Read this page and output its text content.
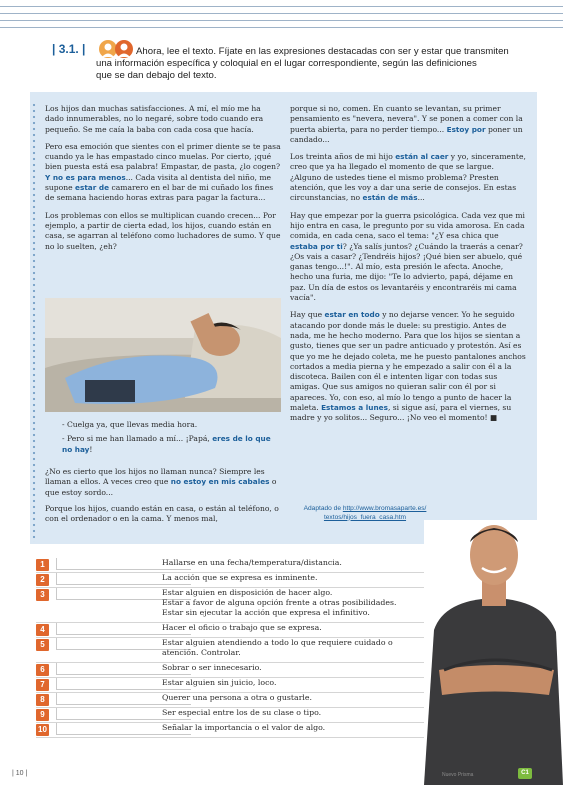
| 3.1. |	Ahora, lee el texto. Fíjate en las expresiones destacadas con ser y estar que transmiten
una información específica y coloquial en el lugar correspondiente, según las definiciones
que se dan debajo del texto.

Los hijos dan muchas satisfacciones. A mí, el mío me ha dado innumerables, no lo negaré, sobre todo cuando era pequeño. Se me caía la baba con cada cosa que hacía.

Pero esa emoción que sientes con el primer diente se te pasa cuando ya le has empastado cinco muelas. Por cierto, ¡qué bien puesta está esa palabra! Empastar, de pasta, ¿lo cogen? Y no es para menos... Cada visita al dentista del niño, me supone estar de camarero en el bar de mi cuñado los fines de semana haciendo horas extras para pagar la factura...

Los problemas con ellos se multiplican cuando crecen... Por ejemplo, a partir de cierta edad, los hijos, cuando están en casa, se agarran al teléfono como luchadores de sumo. Y que no lo suelten, ¿eh?

- Cuelga ya, que llevas media hora.

- Pero si me han llamado a mí... ¡Papá, eres de lo que no hay!

¿No es cierto que los hijos no llaman nunca? Siempre les llaman a ellos. A veces creo que no estoy en mis cabales o que estoy sordo...

Porque los hijos, cuando están en casa, o están al teléfono, o con el ordenador o en la cama. Y menos mal,

porque si no, comen. En cuanto se levantan, su primer pensamiento es "nevera, nevera". Y se ponen a comer con la puerta abierta, para no perder tiempo... Estoy por poner un candado...

Los treinta años de mi hijo están al caer y yo, sinceramente, creo que ya ha llegado el momento de que se largue. ¿Alguno de ustedes tiene el mismo problema? Presten atención, que les voy a dar una serie de consejos. En estas circunstancias, no están de más...

Hay que empezar por la guerra psicológica. Cada vez que mi hijo entra en casa, le pregunto por su vida amorosa. En cada comida, en cada cena, saco el tema: "¿Y esa chica que estaba por ti? ¿Ya salís juntos? ¿Cuándo la traerás a cenar? ¿Os vais a casar? ¿Tendréis hijos? ¡Qué bien ser abuelo, qué ganas tengo...!". Al mío, esta presión le afecta. Anoche, hecho una furia, me dijo: "Te lo advierto, papá, déjame en paz. Un día de estos os levantaréis y encontraréis mi cama vacía".

Hay que estar en todo y no dejarse vencer. Yo he seguido atacando por donde más le duele: su prestigio. Antes de nada, me he hecho moderno. Para que los hijos se sientan a gusto, tienes que ser un padre anticuado y protestón. Así es que yo me he dejado coleta, me he puesto pantalones anchos cortados a media pierna y he empezado a salir con él a la discoteca. Bailen con él e intenten ligar con todas sus amigas. Que sus amigos no quieran salir con él por si apareces. Yo, con eso, al mío lo tengo a punto de hacer la maleta. Estamos a lunes, si sigue así, para el viernes, su madre y yo solitos... Seguro... ¡No veo el momento! ■

Adaptado de http://www.bromasaparte.es/
textos/hijos_fuera_casa.htm
1	Hallarse en una fecha/temperatura/distancia.
2	La acción que se expresa es inminente.
3	Estar alguien en disposición de hacer algo.
Estar a favor de alguna opción frente a otras posibilidades.
Estar sin ejecutar la acción que expresa el infinitivo.
4	Hacer el oficio o trabajo que se expresa.
5	Estar alguien atendiendo a todo lo que requiere cuidado o
atención. Controlar.
6	Sobrar o ser innecesario.
7	Estar alguien sin juicio, loco.
8	Querer una persona a otra o gustarle.
9	Ser especial entre los de su clase o tipo.
10	Señalar la importancia o el valor de algo.
| 10 |	Nuevo Prisma	C1
